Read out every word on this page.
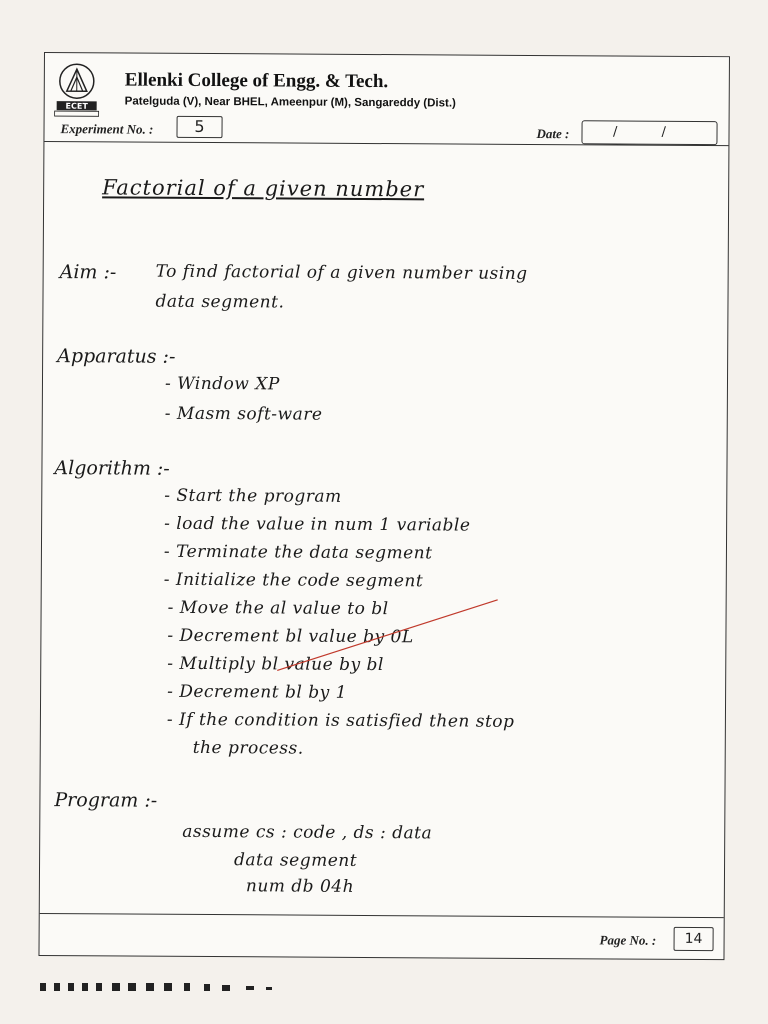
ECET
Ellenki College of Engg. & Tech.
Patelguda (V), Near BHEL, Ameenpur (M), Sangareddy (Dist.)
Experiment No. :	5	Date :	/ /
Factorial of a given number
Aim :- To find factorial of a given number using
data segment.
Apparatus :-
- Window XP
- Masm soft-ware
Algorithm :-
- Start the program
- load the value in num 1 variable
- Terminate the data segment
- Initialize the code segment
- Move the al value to bl
- Decrement bl value by 0L
- Multiply bl value by bl
- Decrement bl by 1
- If the condition is satisfied then stop
the process.
Program :-
assume cs : code , ds : data
data segment
num db 04h
Page No. :	14
